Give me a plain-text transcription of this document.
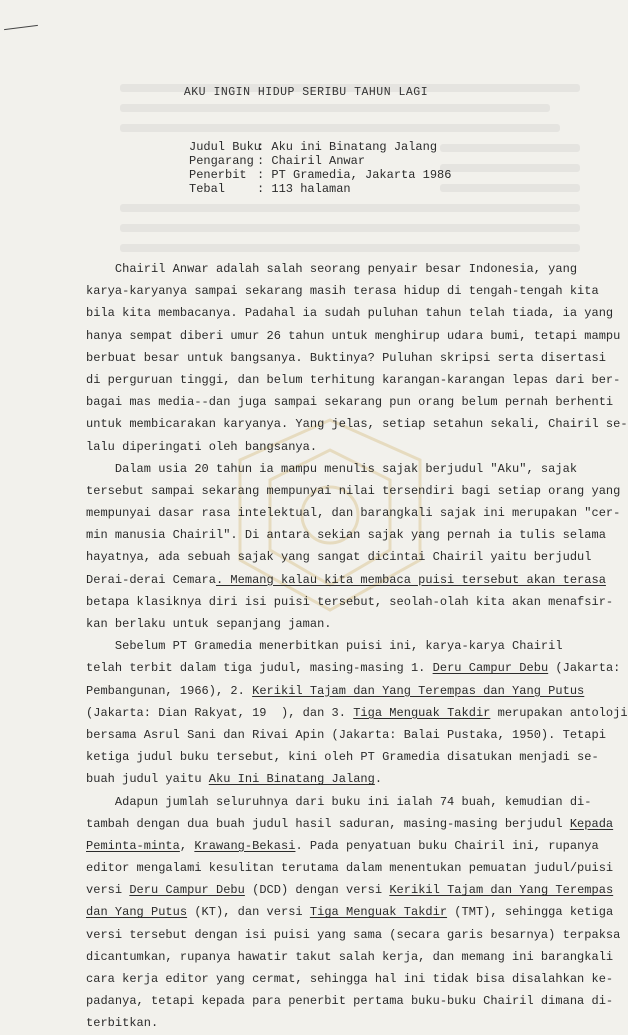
AKU INGIN HIDUP SERIBU TAHUN LAGI
Judul Buku: Aku ini Binatang Jalang
Pengarang : Chairil Anwar
Penerbit : PT Gramedia, Jakarta 1986
Tebal	: 113 halaman
Chairil Anwar adalah salah seorang penyair besar Indonesia, yang
karya-karyanya sampai sekarang masih terasa hidup di tengah-tengah kita
bila kita membacanya. Padahal ia sudah puluhan tahun telah tiada, ia yang
hanya sempat diberi umur 26 tahun untuk menghirup udara bumi, tetapi mampu
berbuat besar untuk bangsanya. Buktinya? Puluhan skripsi serta disertasi
di perguruan tinggi, dan belum terhitung karangan-karangan lepas dari ber-
bagai mas media--dan juga sampai sekarang pun orang belum pernah berhenti
untuk membicarakan karyanya. Yang jelas, setiap setahun sekali, Chairil se-
lalu diperingati oleh bangsanya.
Dalam usia 20 tahun ia mampu menulis sajak berjudul "Aku", sajak
tersebut sampai sekarang mempunyai nilai tersendiri bagi setiap orang yang
mempunyai dasar rasa intelektual, dan barangkali sajak ini merupakan "cer-
min manusia Chairil". Di antara sekian sajak yang pernah ia tulis selama
hayatnya, ada sebuah sajak yang sangat dicintai Chairil yaitu berjudul
Derai-derai Cemara. Memang kalau kita membaca puisi tersebut akan terasa
betapa klasiknya diri isi puisi tersebut, seolah-olah kita akan menafsir-
kan berlaku untuk sepanjang jaman.
Sebelum PT Gramedia menerbitkan puisi ini, karya-karya Chairil
telah terbit dalam tiga judul, masing-masing 1. Deru Campur Debu (Jakarta:
Pembangunan, 1966), 2. Kerikil Tajam dan Yang Terempas dan Yang Putus
(Jakarta: Dian Rakyat, 19  ), dan 3. Tiga Menguak Takdir merupakan antoloji
bersama Asrul Sani dan Rivai Apin (Jakarta: Balai Pustaka, 1950). Tetapi
ketiga judul buku tersebut, kini oleh PT Gramedia disatukan menjadi se-
buah judul yaitu Aku Ini Binatang Jalang.
Adapun jumlah seluruhnya dari buku ini ialah 74 buah, kemudian di-
tambah dengan dua buah judul hasil saduran, masing-masing berjudul Kepada
Peminta-minta, Krawang-Bekasi. Pada penyatuan buku Chairil ini, rupanya
editor mengalami kesulitan terutama dalam menentukan pemuatan judul/puisi
versi Deru Campur Debu (DCD) dengan versi Kerikil Tajam dan Yang Terempas
dan Yang Putus (KT), dan versi Tiga Menguak Takdir (TMT), sehingga ketiga
versi tersebut dengan isi puisi yang sama (secara garis besarnya) terpaksa
dicantumkan, rupanya hawatir takut salah kerja, dan memang ini barangkali
cara kerja editor yang cermat, sehingga hal ini tidak bisa disalahkan ke-
padanya, tetapi kepada para penerbit pertama buku-buku Chairil dimana di-
terbitkan.
